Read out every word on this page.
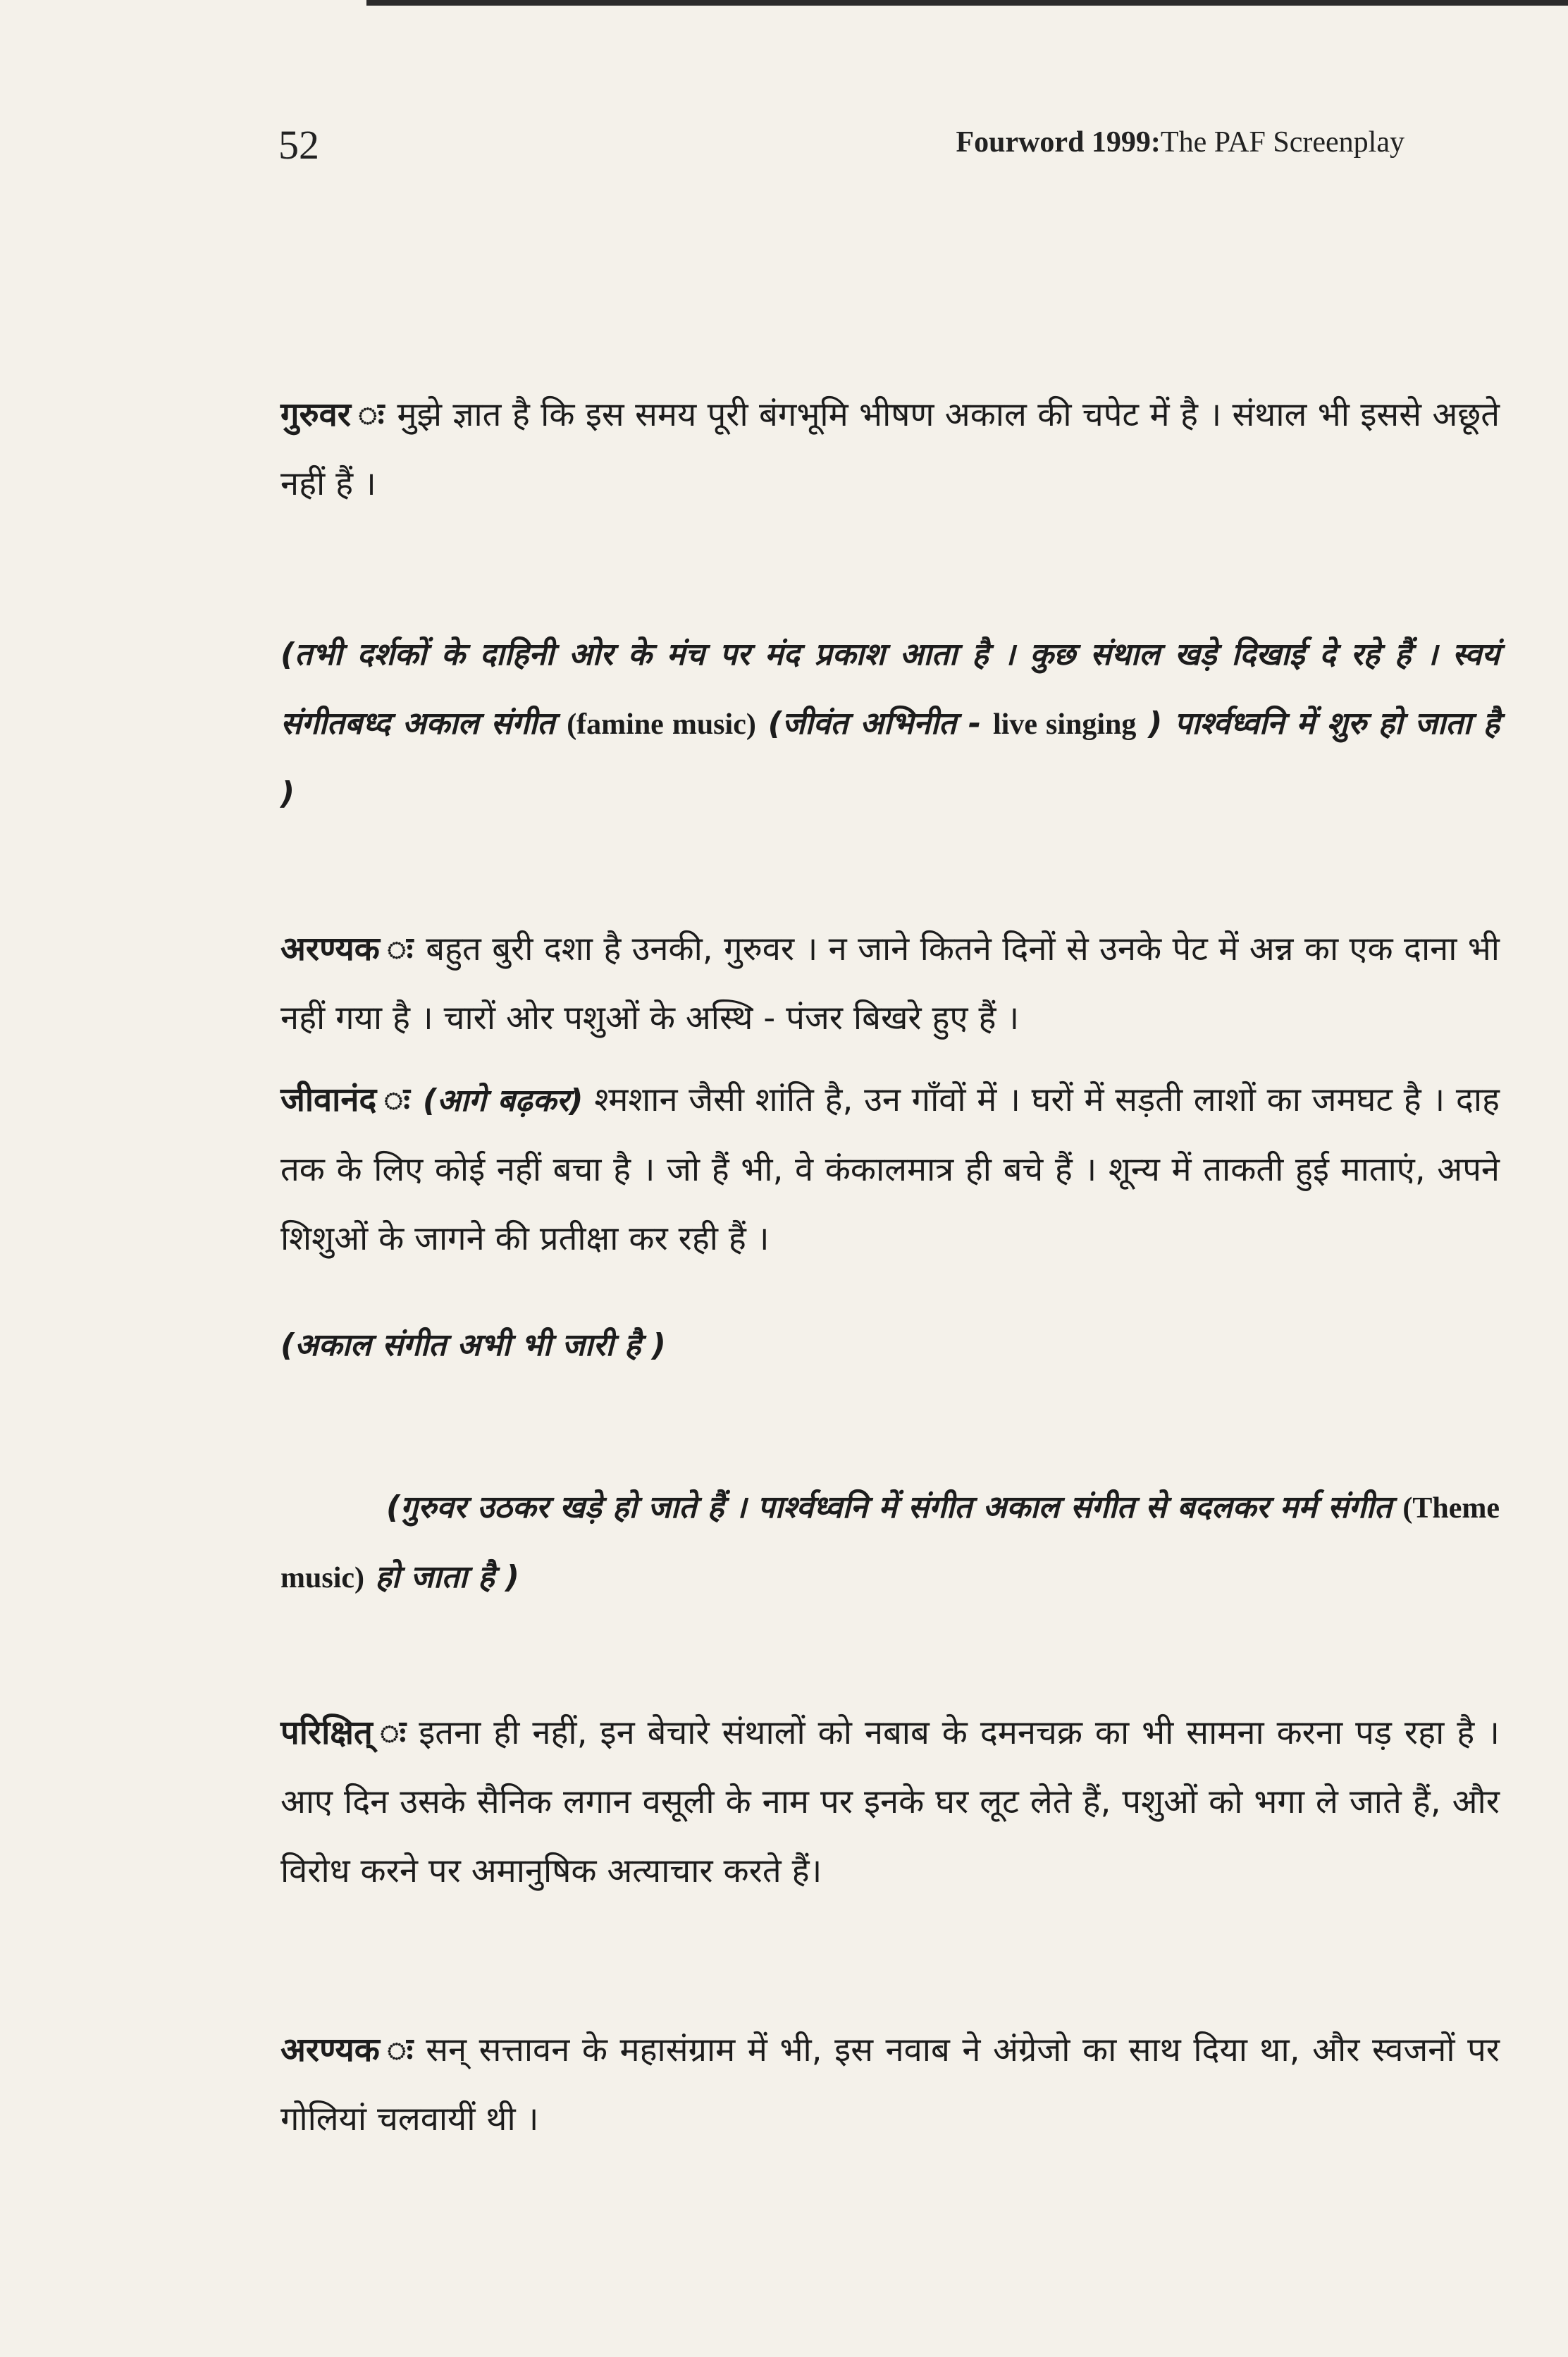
52	Fourword 1999:The PAF Screenplay
गुरुवर ः मुझे ज्ञात है कि इस समय पूरी बंगभूमि भीषण अकाल की चपेट में है । संथाल भी इससे अछूते नहीं हैं ।
(तभी दर्शकों के दाहिनी ओर के मंच पर मंद प्रकाश आता है । कुछ संथाल खड़े दिखाई दे रहे हैं । स्वयं संगीतबध्द अकाल संगीत (famine music) (जीवंत अभिनीत - live singing ) पार्श्वध्वनि में शुरु हो जाता है )
अरण्यक ः बहुत बुरी दशा है उनकी, गुरुवर । न जाने कितने दिनों से उनके पेट में अन्न का एक दाना भी नहीं गया है । चारों ओर पशुओं के अस्थि - पंजर बिखरे हुए हैं ।
जीवानंद ः (आगे बढ़कर) श्मशान जैसी शांति है, उन गाँवों में । घरों में सड़ती लाशों का जमघट है । दाह तक के लिए कोई नहीं बचा है । जो हैं भी, वे कंकालमात्र ही बचे हैं । शून्य में ताकती हुई माताएं, अपने शिशुओं के जागने की प्रतीक्षा कर रही हैं ।
(अकाल संगीत अभी भी जारी है )
(गुरुवर उठकर खड़े हो जाते हैं । पार्श्वध्वनि में संगीत अकाल संगीत से बदलकर मर्म संगीत (Theme music) हो जाता है )
परिक्षित् ः इतना ही नहीं, इन बेचारे संथालों को नबाब के दमनचक्र का भी सामना करना पड़ रहा है । आए दिन उसके सैनिक लगान वसूली के नाम पर इनके घर लूट लेते हैं, पशुओं को भगा ले जाते हैं, और विरोध करने पर अमानुषिक अत्याचार करते हैं।
अरण्यक ः सन् सत्तावन के महासंग्राम में भी, इस नवाब ने अंग्रेजो का साथ दिया था, और स्वजनों पर गोलियां चलवायीं थी ।
